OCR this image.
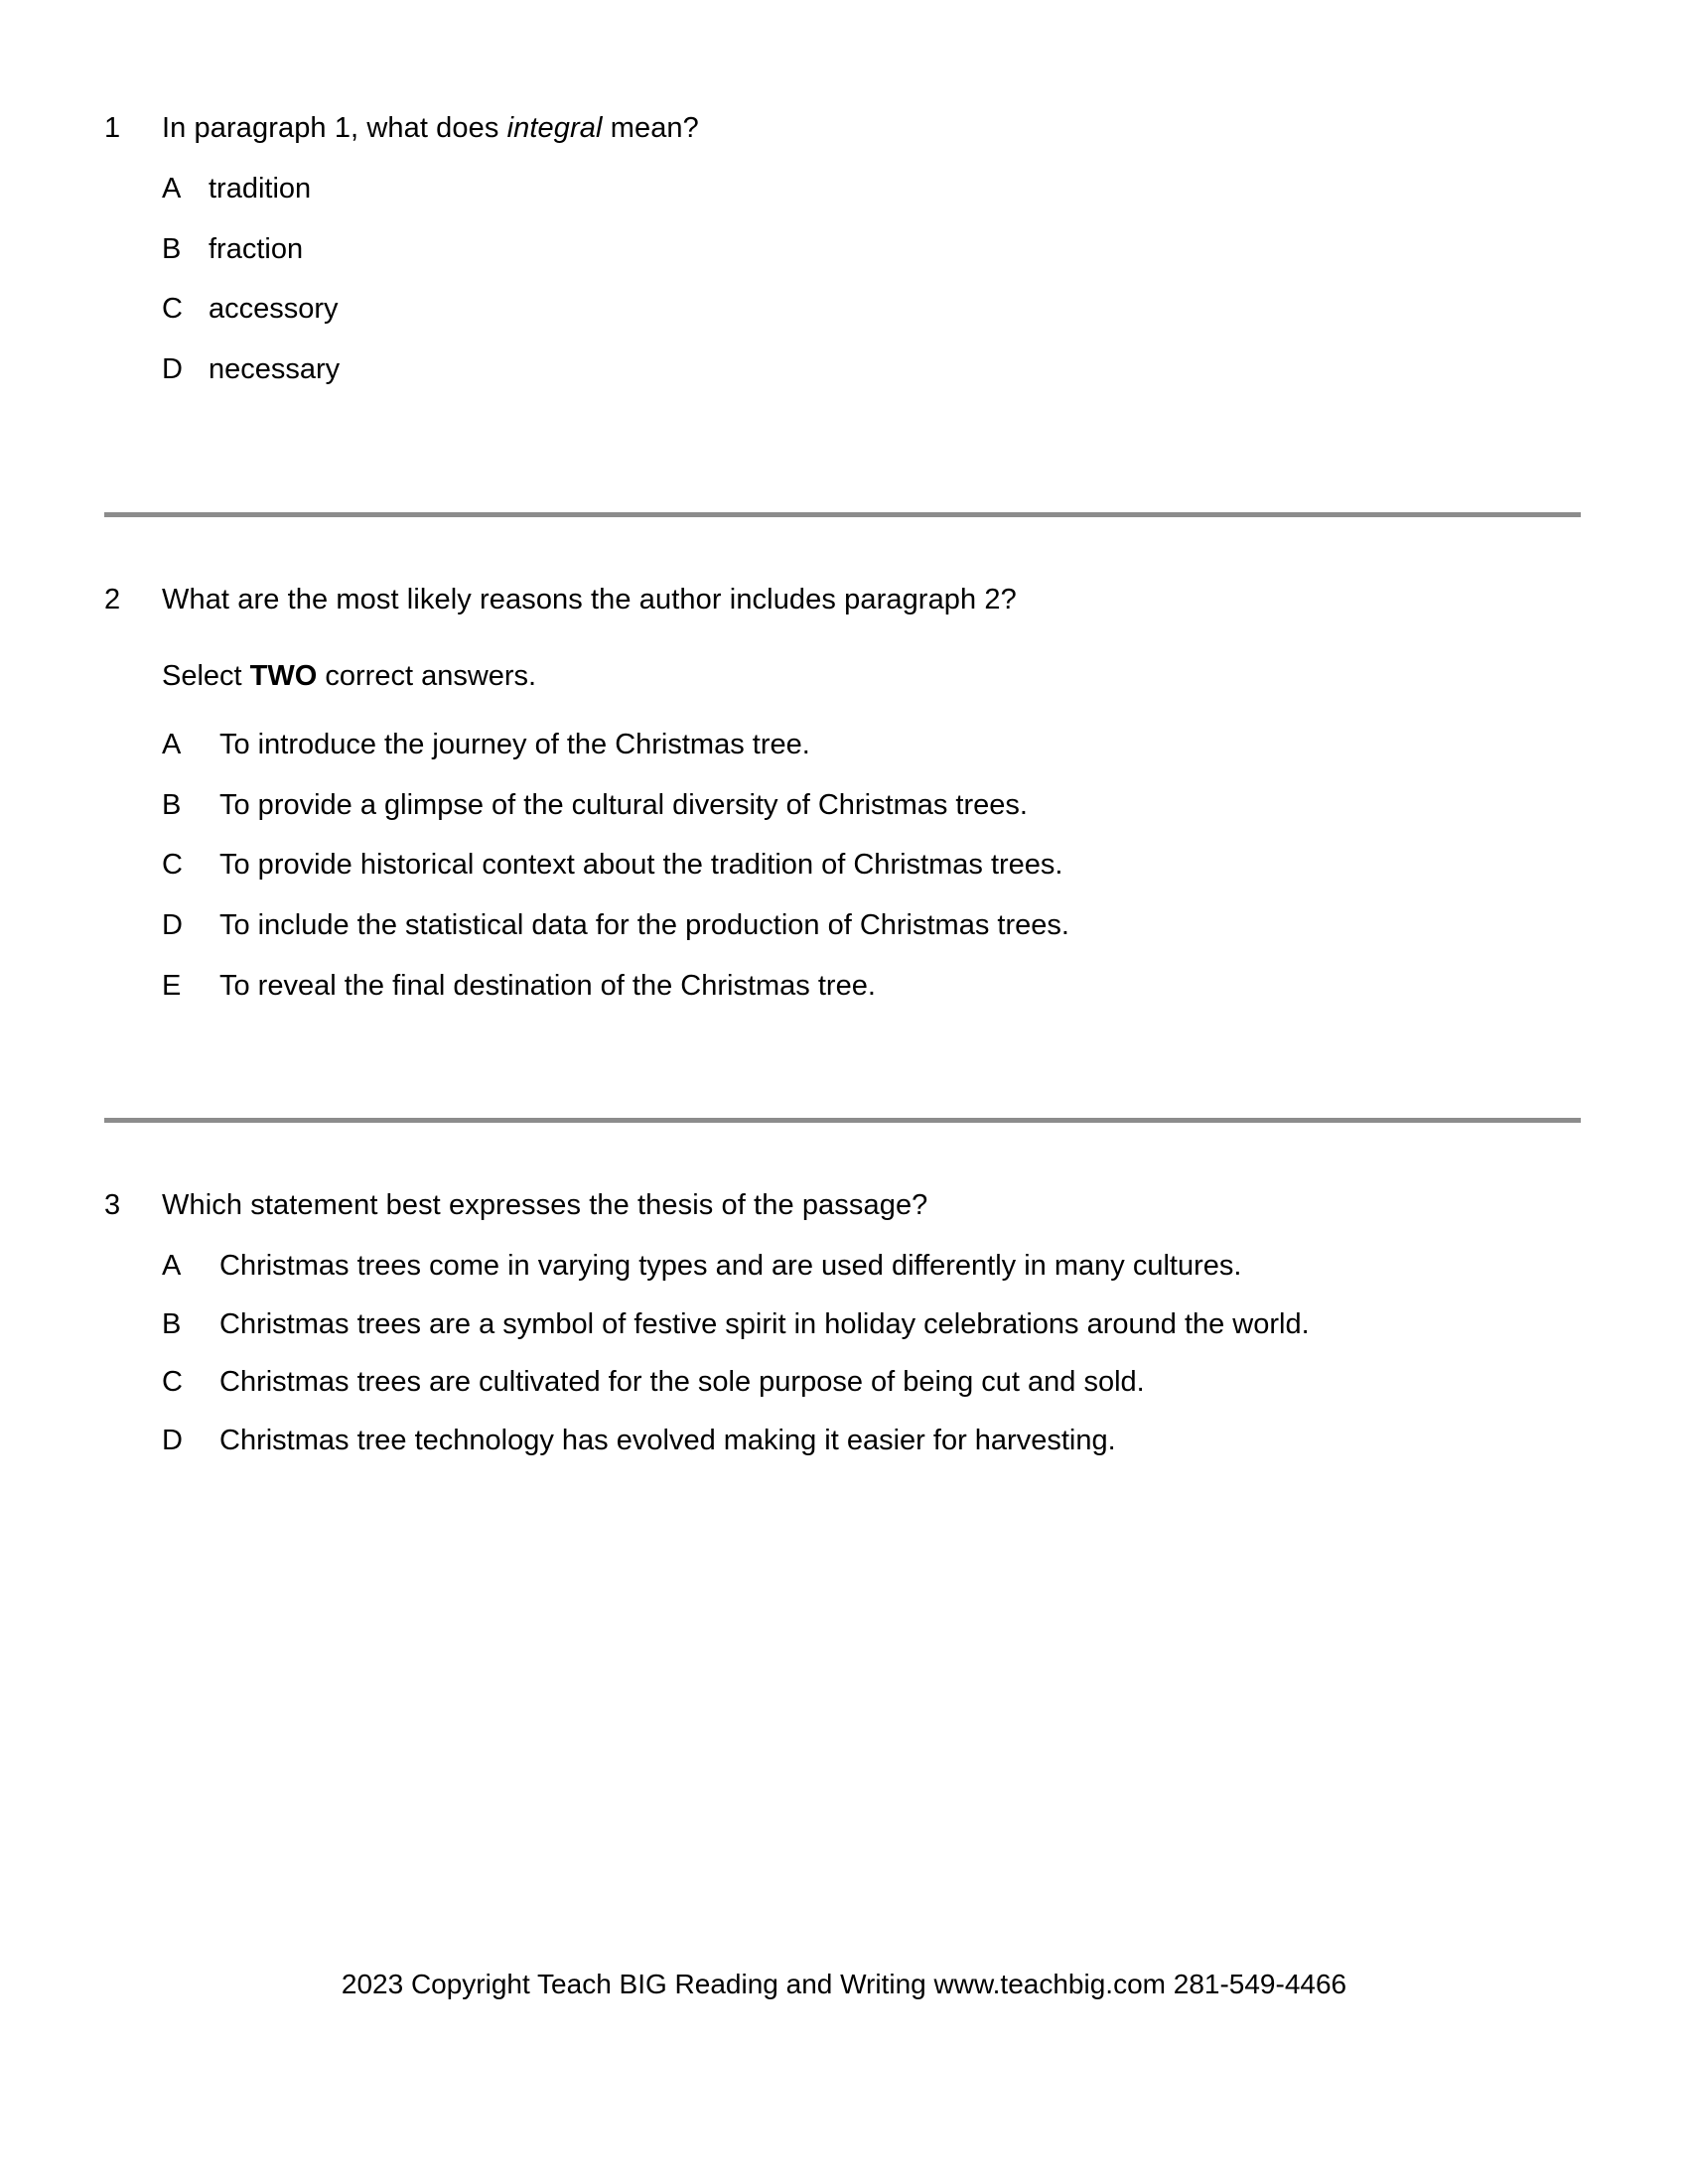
1	In paragraph 1, what does integral mean?
A tradition
B fraction
C accessory
D necessary
2	What are the most likely reasons the author includes paragraph 2?
Select TWO correct answers.
A	To introduce the journey of the Christmas tree.
B	To provide a glimpse of the cultural diversity of Christmas trees.
C	To provide historical context about the tradition of Christmas trees.
D	To include the statistical data for the production of Christmas trees.
E	To reveal the final destination of the Christmas tree.
3	Which statement best expresses the thesis of the passage?
A	Christmas trees come in varying types and are used differently in many cultures.
B	Christmas trees are a symbol of festive spirit in holiday celebrations around the world.
C	Christmas trees are cultivated for the sole purpose of being cut and sold.
D	Christmas tree technology has evolved making it easier for harvesting.
2023 Copyright Teach BIG Reading and Writing www.teachbig.com 281-549-4466
